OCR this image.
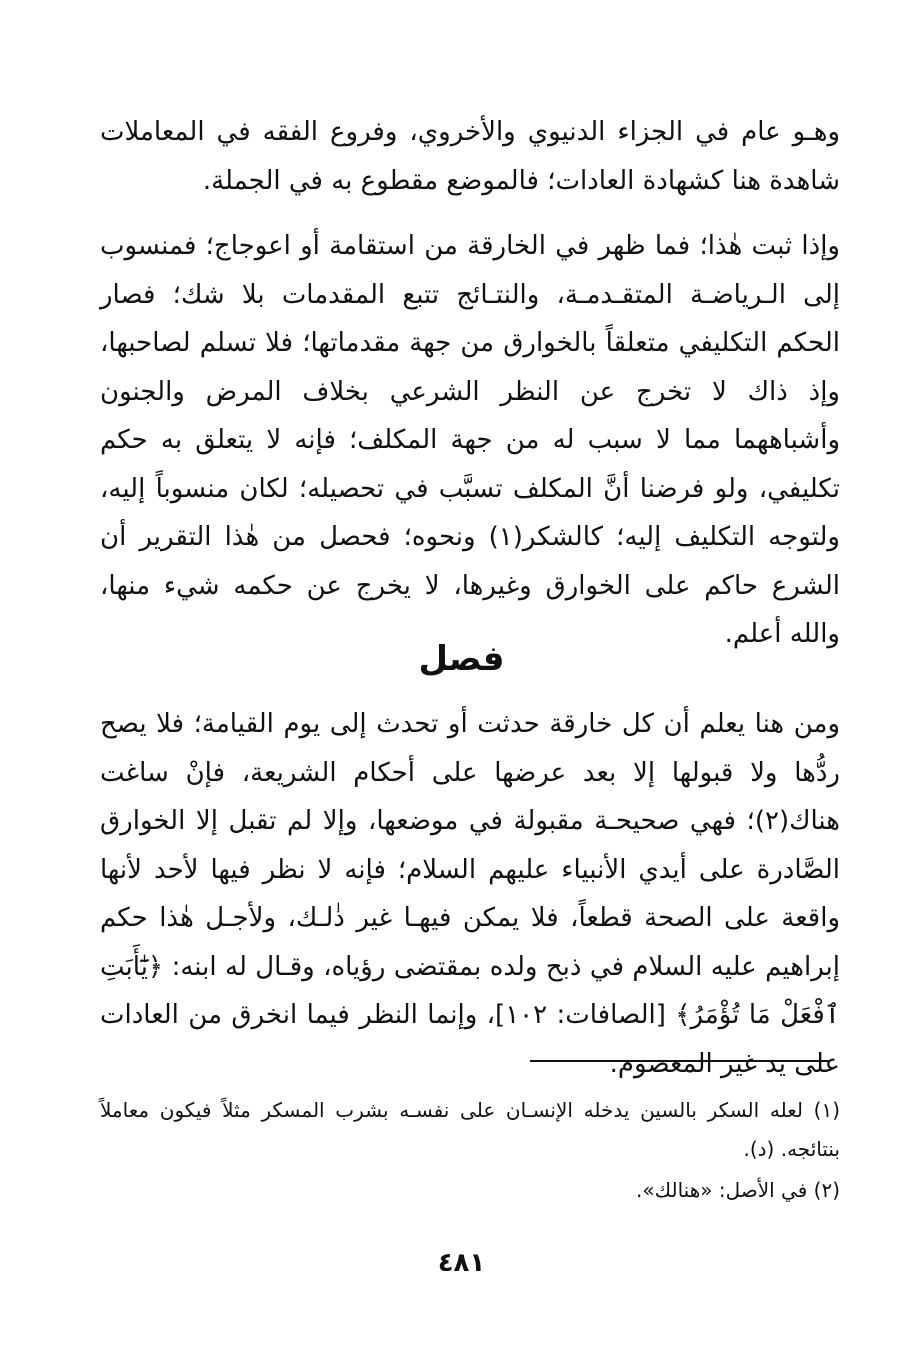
وهـو عام في الجزاء الدنيوي والأخروي، وفروع الفقه في المعاملات شاهدة هنا كشهادة العادات؛ فالموضع مقطوع به في الجملة.

وإذا ثبت هٰذا؛ فما ظهر في الخارقة من استقامة أو اعوجاج؛ فمنسوب إلى الـرياضـة المتقـدمـة، والنتـائج تتبع المقدمات بلا شك؛ فصار الحكم التكليفي متعلقاً بالخوارق من جهة مقدماتها؛ فلا تسلم لصاحبها، وإذ ذاك لا تخرج عن النظر الشرعي بخلاف المرض والجنون وأشباههما مما لا سبب له من جهة المكلف؛ فإنه لا يتعلق به حكم تكليفي، ولو فرضنا أنَّ المكلف تسبَّب في تحصيله؛ لكان منسوباً إليه، ولتوجه التكليف إليه؛ كالشكر(١) ونحوه؛ فحصل من هٰذا التقرير أن الشرع حاكم على الخوارق وغيرها، لا يخرج عن حكمه شيء منها، والله أعلم.

فصل

ومن هنا يعلم أن كل خارقة حدثت أو تحدث إلى يوم القيامة؛ فلا يصح ردُّها ولا قبولها إلا بعد عرضها على أحكام الشريعة، فإنْ ساغت هناك(٢)؛ فهي صحيحـة مقبولة في موضعها، وإلا لم تقبل إلا الخوارق الصَّادرة على أيدي الأنبياء عليهم السلام؛ فإنه لا نظر فيها لأحد لأنها واقعة على الصحة قطعاً، فلا يمكن فيهـا غير ذٰلـك، ولأجـل هٰذا حكم إبراهيم عليه السلام في ذبح ولده بمقتضى رؤياه، وقـال له ابنه: ﴿يَٰٓأَبَتِ ٱفْعَلْ مَا تُؤْمَرُ﴾ [الصافات: ١٠٢]، وإنما النظر فيما انخرق من العادات على يد غير المعصوم.

(١) لعله السكر بالسين يدخله الإنسـان على نفسـه بشرب المسكر مثلاً فيكون معاملاً بنتائجه. (د).

(٢) في الأصل: «هنالك».

٤٨١
